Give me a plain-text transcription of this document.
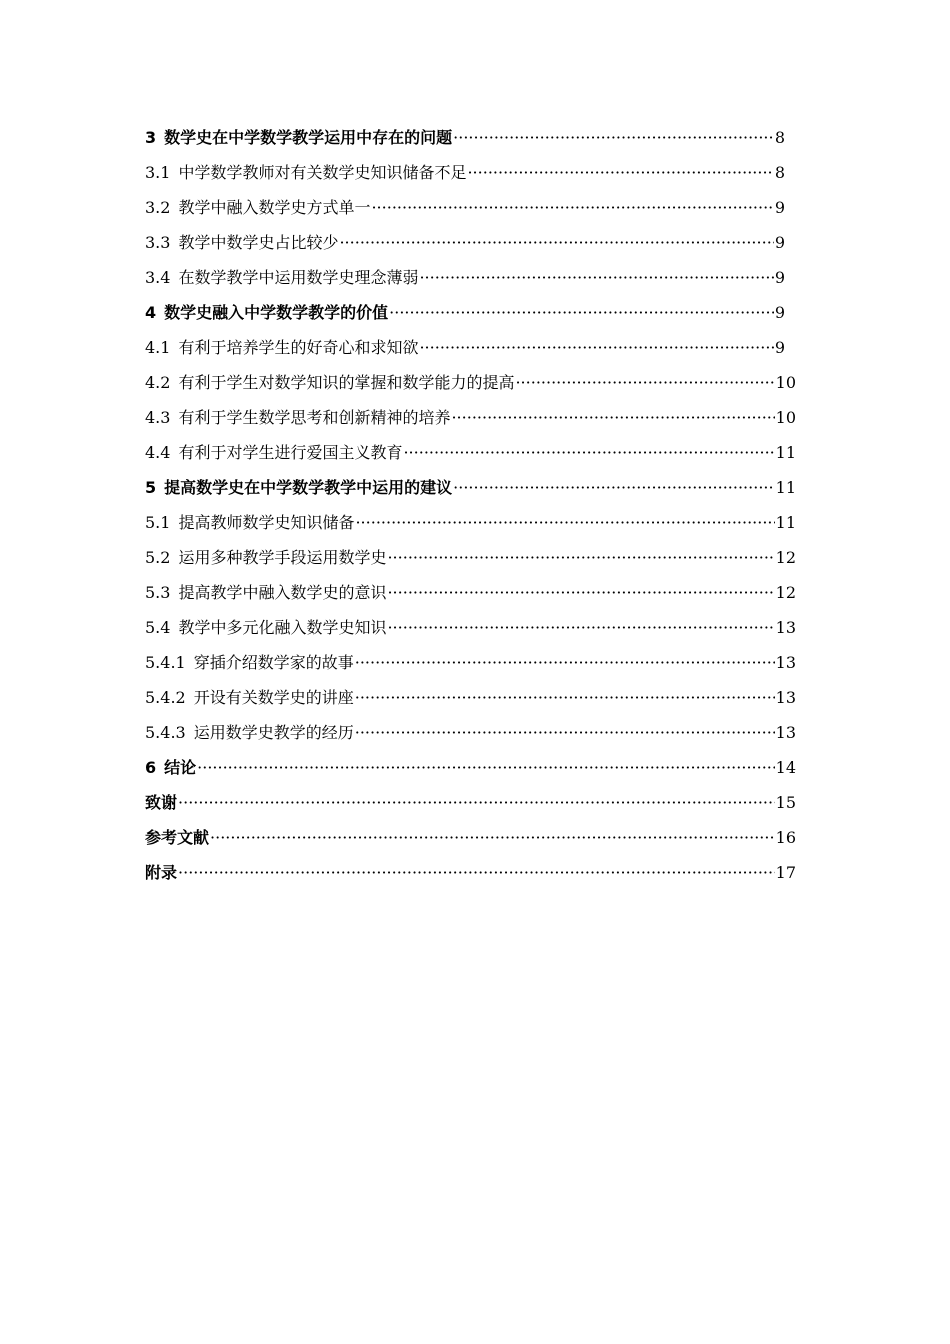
3 数学史在中学数学教学运用中存在的问题 ·····	8
3.1 中学数学教师对有关数学史知识储备不足 ·····	8
3.2 教学中融入数学史方式单一 ·····	9
3.3 教学中数学史占比较少 ·····	9
3.4 在数学教学中运用数学史理念薄弱 ·····	9
4 数学史融入中学数学教学的价值 ·····	9
4.1 有利于培养学生的好奇心和求知欲 ·····	9
4.2 有利于学生对数学知识的掌握和数学能力的提高 ·····	10
4.3 有利于学生数学思考和创新精神的培养 ·····	10
4.4 有利于对学生进行爱国主义教育 ·····	11
5 提高数学史在中学数学教学中运用的建议 ·····	11
5.1 提高教师数学史知识储备 ·····	11
5.2 运用多种教学手段运用数学史 ·····	12
5.3 提高教学中融入数学史的意识 ·····	12
5.4 教学中多元化融入数学史知识 ·····	13
5.4.1 穿插介绍数学家的故事 ·····	13
5.4.2 开设有关数学史的讲座 ·····	13
5.4.3 运用数学史教学的经历 ·····	13
6 结论 ·····	14
致谢 ·····	15
参考文献 ·····	16
附录 ·····	17
